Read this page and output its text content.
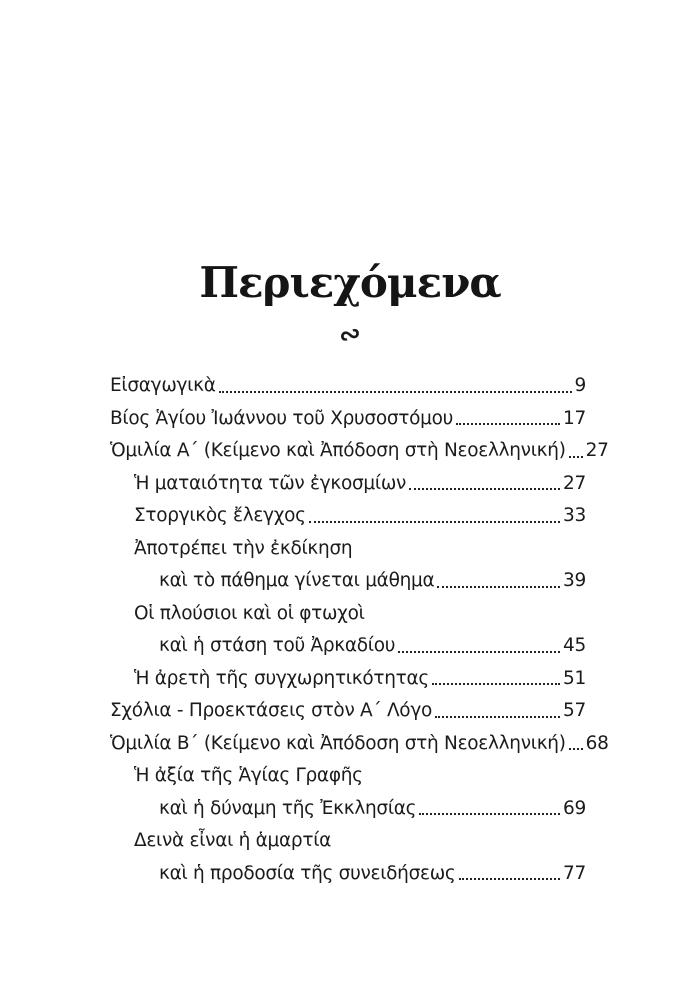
Περιεχόμενα
∾
Εἰσαγωγικὰ	9
Βίος Ἁγίου Ἰωάννου τοῦ Χρυσοστόμου	17
Ὁμιλία Α´ (Κείμενο καὶ Ἀπόδοση στὴ Νεοελληνική) 27
Ἡ ματαιότητα τῶν ἐγκοσμίων	27
Στοργικὸς ἔλεγχος	33
Ἀποτρέπει τὴν ἐκδίκηση
καὶ τὸ πάθημα γίνεται μάθημα	39
Οἱ πλούσιοι καὶ οἱ φτωχοὶ
καὶ ἡ στάση τοῦ Ἀρκαδίου	45
Ἡ ἀρετὴ τῆς συγχωρητικότητας	51
Σχόλια - Προεκτάσεις στὸν Α´ Λόγο	57
Ὁμιλία Β´ (Κείμενο καὶ Ἀπόδοση στὴ Νεοελληνική) 68
Ἡ ἀξία τῆς Ἁγίας Γραφῆς
καὶ ἡ δύναμη τῆς Ἐκκλησίας	69
Δεινὰ εἶναι ἡ ἁμαρτία
καὶ ἡ προδοσία τῆς συνειδήσεως	77
